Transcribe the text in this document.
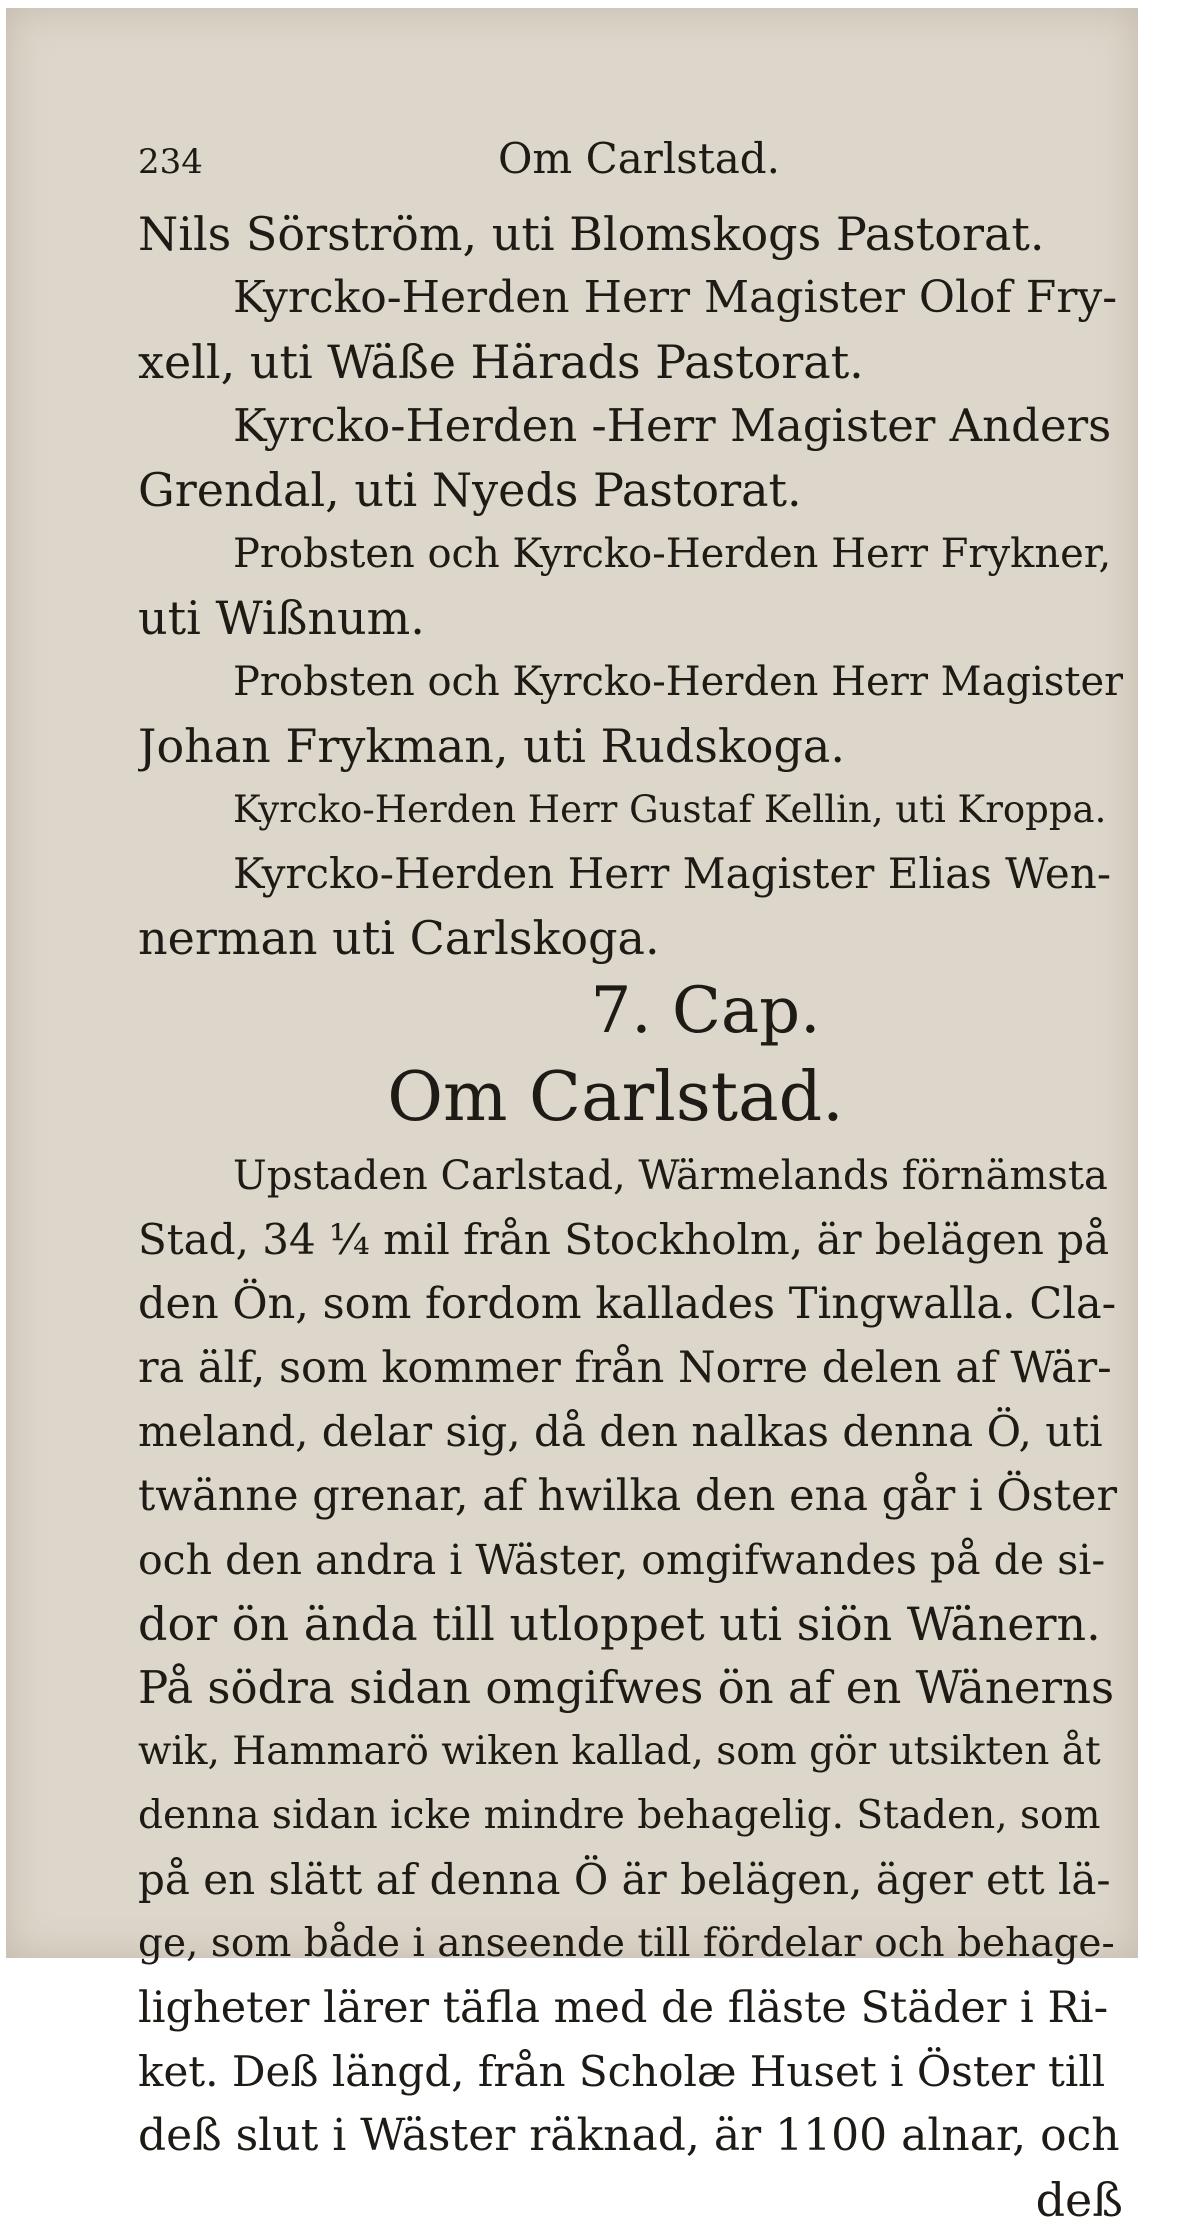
234	Om Carlstad.
Nils Sörström, uti Blomskogs Pastorat.
Kyrcko-Herden Herr Magister Olof Fry-
xell, uti Wäße Härads Pastorat.
Kyrcko-Herden -Herr Magister Anders
Grendal, uti Nyeds Pastorat.
Probsten och Kyrcko-Herden Herr Frykner,
uti Wißnum.
Probsten och Kyrcko-Herden Herr Magister
Johan Frykman, uti Rudskoga.
Kyrcko-Herden Herr Gustaf Kellin, uti Kroppa.
Kyrcko-Herden Herr Magister Elias Wen-
nerman uti Carlskoga.
7. Cap.
Om Carlstad.
Upstaden Carlstad, Wärmelands förnämsta
Stad, 34 ¼ mil från Stockholm, är belägen på
den Ön, som fordom kallades Tingwalla. Cla-
ra älf, som kommer från Norre delen af Wär-
meland, delar sig, då den nalkas denna Ö, uti
twänne grenar, af hwilka den ena går i Öster
och den andra i Wäster, omgifwandes på de si-
dor ön ända till utloppet uti siön Wänern.
På södra sidan omgifwes ön af en Wänerns
wik, Hammarö wiken kallad, som gör utsikten åt
denna sidan icke mindre behagelig. Staden, som
på en slätt af denna Ö är belägen, äger ett lä-
ge, som både i anseende till fördelar och behage-
ligheter lärer täfla med de fläste Städer i Ri-
ket. Deß längd, från Scholæ Huset i Öster till
deß slut i Wäster räknad, är 1100 alnar, och
deß
